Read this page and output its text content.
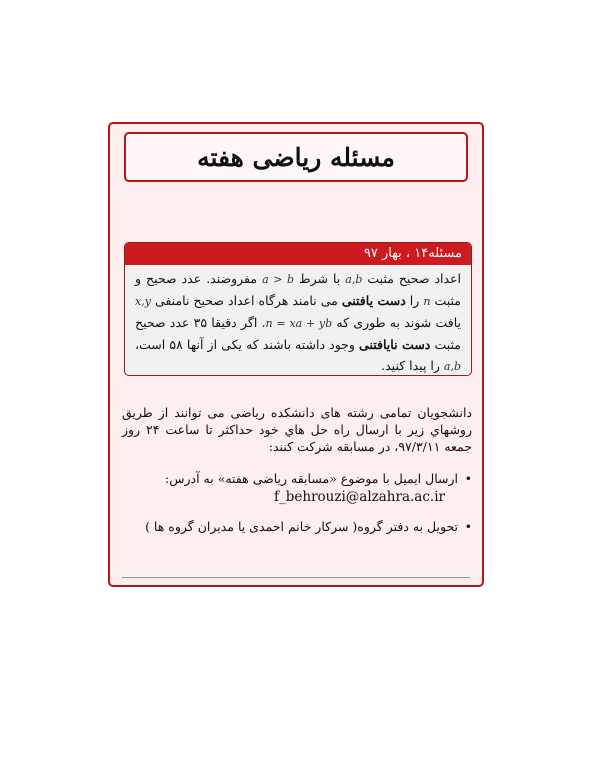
مسئله ریاضی هفته
مسئله۱۴ ، بهار ۹۷

اعداد صحیح مثبت a,b با شرط a > b مفروضند. عدد صحیح و مثبت n را دست یافتنی می نامند هرگاه اعداد صحیح نامنفی x,y یافت شوند به طوری که n = xa + yb. اگر دقیقا ۳۵ عدد صحیح مثبت دست نایافتنی وجود داشته باشند که یکی از آنها ۵۸ است، a,b را پیدا کنید.

دانشجویان تمامی رشته های دانشکده ریاضی می توانند از طریق روشهاي زیر با ارسال راه حل هاي خود حداکثر تا ساعت ۲۴ روز جمعه ۹۷/۳/۱۱، در مسابقه شرکت کنند:

• ارسال ایمیل با موضوع «مسابقه ریاضی هفته» به آدرس:
f_behrouzi@alzahra.ac.ir
• تحویل به دفتر گروه( سرکار خانم احمدی یا مدیران گروه ها )
